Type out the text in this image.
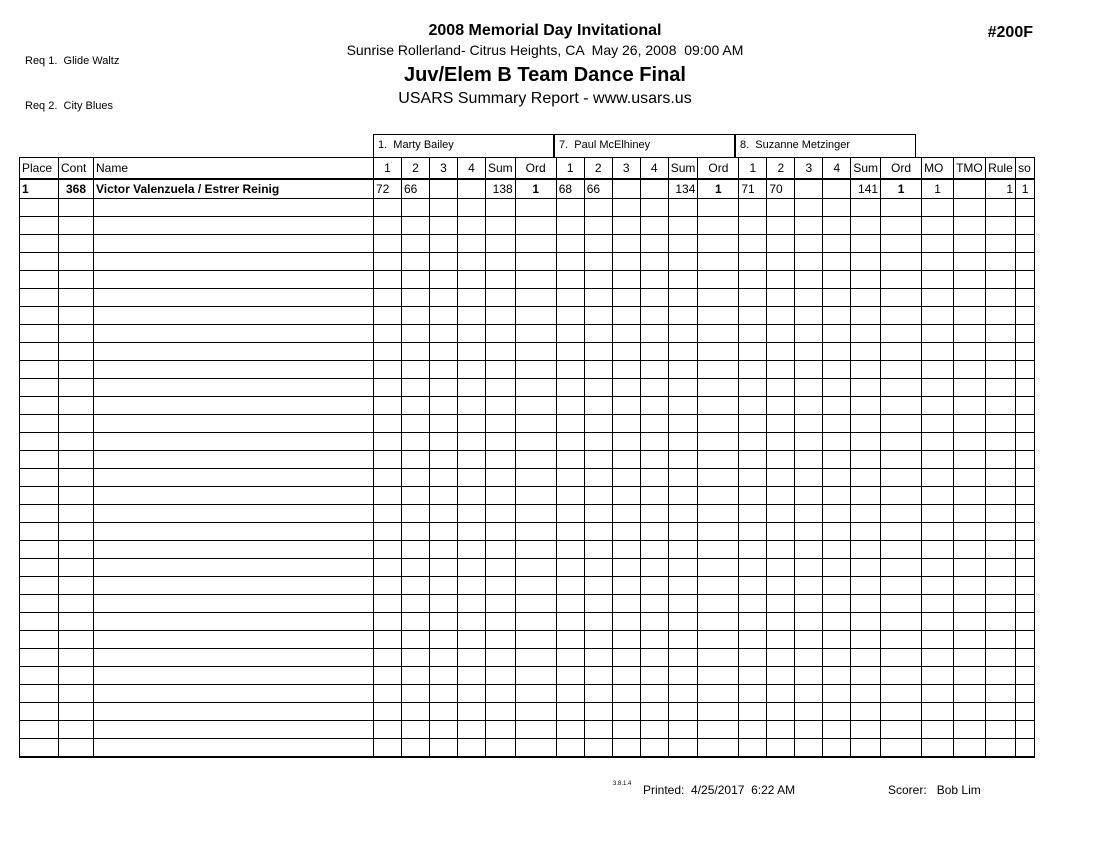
Req 1.  Glide Waltz

Req 2.  City Blues

2008 Memorial Day Invitational
Sunrise Rollerland- Citrus Heights, CA  May 26, 2008  09:00 AM
Juv/Elem B Team Dance Final
USARS Summary Report - www.usars.us
#200F
1.  Marty Bailey	7.  Paul McElhiney	8.  Suzanne Metzinger
Place	Cont	Name	1	2	3	4	Sum	Ord	1	2	3	4	Sum	Ord	1	2	3	4	Sum	Ord	MO	TMO	Rule	so
1	368	Victor Valenzuela / Estrer Reinig	72	66			138	1	68	66			134	1	71	70			141	1	1		1	1

3.8.1.4 Printed: 4/25/2017  6:22 AM	Scorer: Bob Lim
